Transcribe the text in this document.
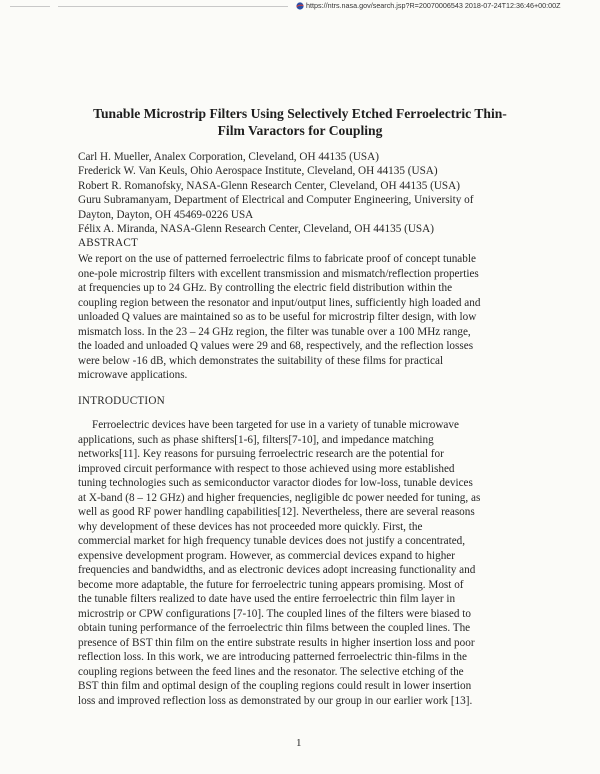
https://ntrs.nasa.gov/search.jsp?R=20070006543 2018-07-24T12:36:46+00:00Z
Tunable Microstrip Filters Using Selectively Etched Ferroelectric Thin-
Film Varactors for Coupling
Carl H. Mueller, Analex Corporation, Cleveland, OH 44135 (USA)
Frederick W. Van Keuls, Ohio Aerospace Institute, Cleveland, OH 44135 (USA)
Robert R. Romanofsky, NASA-Glenn Research Center, Cleveland, OH 44135 (USA)
Guru Subramanyam, Department of Electrical and Computer Engineering, University of
Dayton, Dayton, OH 45469-0226 USA
Félix A. Miranda, NASA-Glenn Research Center, Cleveland, OH 44135 (USA)
ABSTRACT
We report on the use of patterned ferroelectric films to fabricate proof of concept tunable
one-pole microstrip filters with excellent transmission and mismatch/reflection properties
at frequencies up to 24 GHz. By controlling the electric field distribution within the
coupling region between the resonator and input/output lines, sufficiently high loaded and
unloaded Q values are maintained so as to be useful for microstrip filter design, with low
mismatch loss. In the 23 – 24 GHz region, the filter was tunable over a 100 MHz range,
the loaded and unloaded Q values were 29 and 68, respectively, and the reflection losses
were below -16 dB, which demonstrates the suitability of these films for practical
microwave applications.
INTRODUCTION
Ferroelectric devices have been targeted for use in a variety of tunable microwave
applications, such as phase shifters[1-6], filters[7-10], and impedance matching
networks[11]. Key reasons for pursuing ferroelectric research are the potential for
improved circuit performance with respect to those achieved using more established
tuning technologies such as semiconductor varactor diodes for low-loss, tunable devices
at X-band (8 – 12 GHz) and higher frequencies, negligible dc power needed for tuning, as
well as good RF power handling capabilities[12]. Nevertheless, there are several reasons
why development of these devices has not proceeded more quickly. First, the
commercial market for high frequency tunable devices does not justify a concentrated,
expensive development program. However, as commercial devices expand to higher
frequencies and bandwidths, and as electronic devices adopt increasing functionality and
become more adaptable, the future for ferroelectric tuning appears promising. Most of
the tunable filters realized to date have used the entire ferroelectric thin film layer in
microstrip or CPW configurations [7-10]. The coupled lines of the filters were biased to
obtain tuning performance of the ferroelectric thin films between the coupled lines. The
presence of BST thin film on the entire substrate results in higher insertion loss and poor
reflection loss. In this work, we are introducing patterned ferroelectric thin-films in the
coupling regions between the feed lines and the resonator. The selective etching of the
BST thin film and optimal design of the coupling regions could result in lower insertion
loss and improved reflection loss as demonstrated by our group in our earlier work [13].
1
